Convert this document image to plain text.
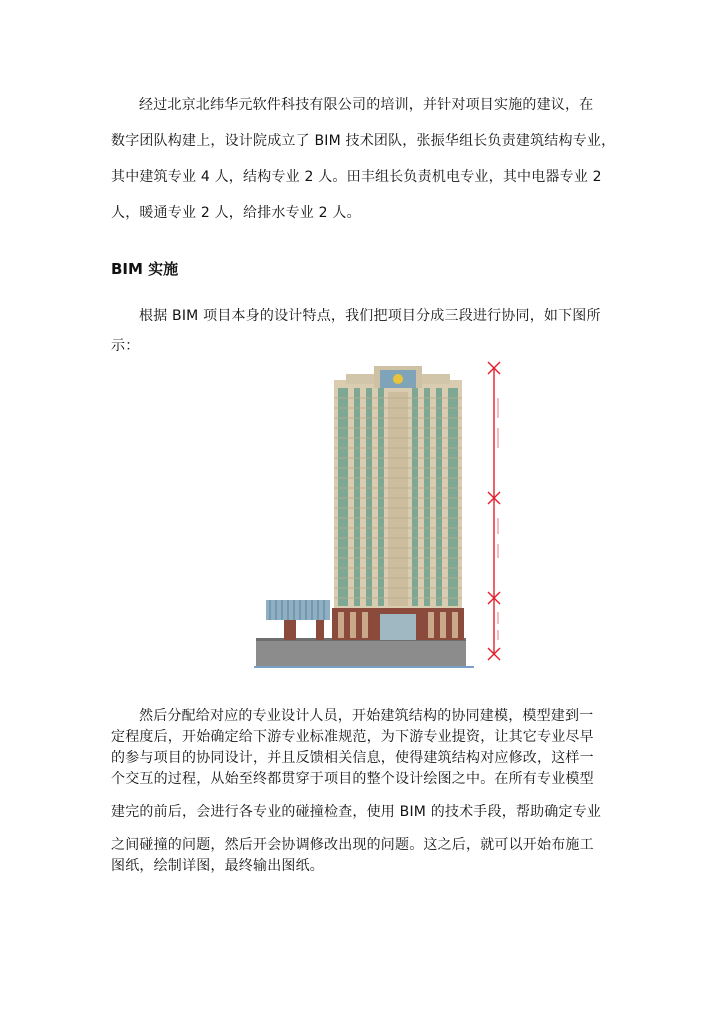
经过北京北纬华元软件科技有限公司的培训，并针对项目实施的建议，在
数字团队构建上，设计院成立了 BIM 技术团队，张振华组长负责建筑结构专业，
其中建筑专业 4 人，结构专业 2 人。田丰组长负责机电专业，其中电器专业 2
人，暖通专业 2 人，给排水专业 2 人。
BIM 实施
根据 BIM 项目本身的设计特点，我们把项目分成三段进行协同，如下图所
示：
然后分配给对应的专业设计人员，开始建筑结构的协同建模，模型建到一
定程度后，开始确定给下游专业标准规范，为下游专业提资，让其它专业尽早
的参与项目的协同设计，并且反馈相关信息，使得建筑结构对应修改，这样一
个交互的过程，从始至终都贯穿于项目的整个设计绘图之中。在所有专业模型
建完的前后，会进行各专业的碰撞检查，使用 BIM 的技术手段，帮助确定专业
之间碰撞的问题，然后开会协调修改出现的问题。这之后，就可以开始布施工
图纸，绘制详图，最终输出图纸。
